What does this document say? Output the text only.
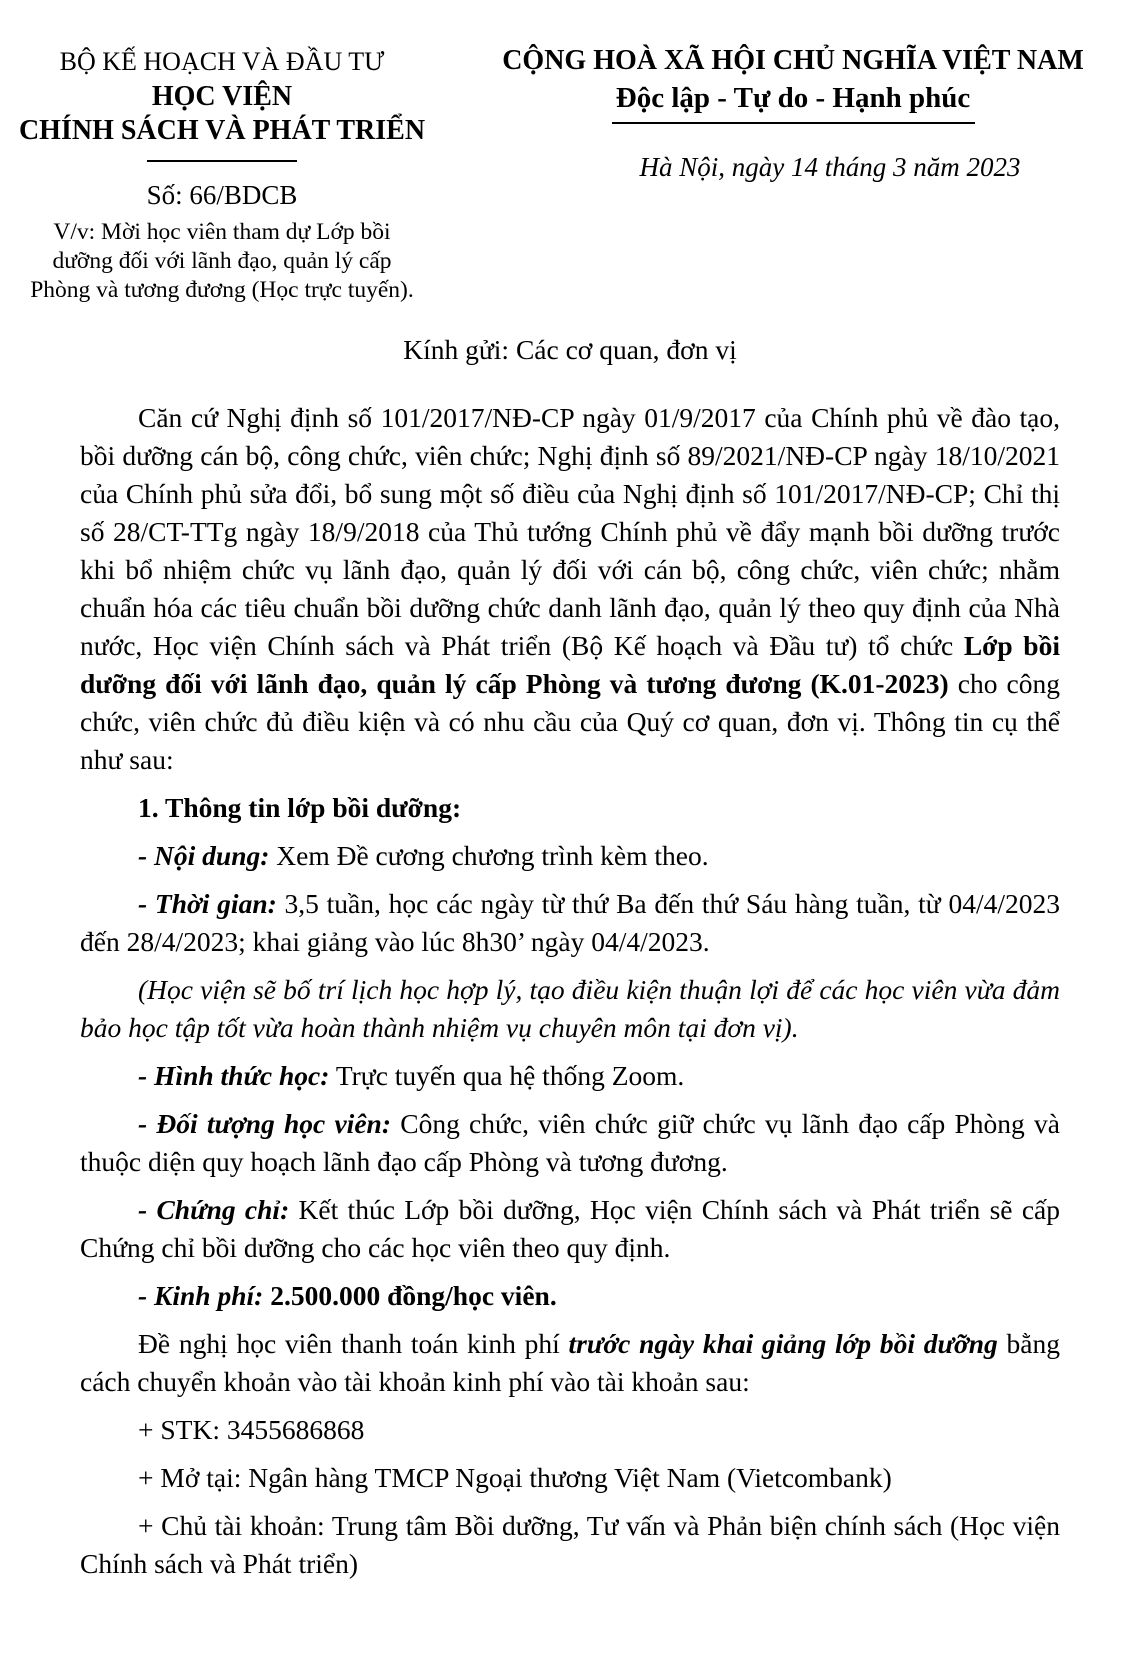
BỘ KẾ HOẠCH VÀ ĐẦU TƯ
HỌC VIỆN
CHÍNH SÁCH VÀ PHÁT TRIỂN
Số: 66/BDCB
V/v: Mời học viên tham dự Lớp bồi dưỡng đối với lãnh đạo, quản lý cấp Phòng và tương đương (Học trực tuyến).
CỘNG HOÀ XÃ HỘI CHỦ NGHĨA VIỆT NAM
Độc lập - Tự do - Hạnh phúc
Hà Nội, ngày 14 tháng 3 năm 2023
Kính gửi: Các cơ quan, đơn vị

Căn cứ Nghị định số 101/2017/NĐ-CP ngày 01/9/2017 của Chính phủ về đào tạo, bồi dưỡng cán bộ, công chức, viên chức; Nghị định số 89/2021/NĐ-CP ngày 18/10/2021 của Chính phủ sửa đổi, bổ sung một số điều của Nghị định số 101/2017/NĐ-CP; Chỉ thị số 28/CT-TTg ngày 18/9/2018 của Thủ tướng Chính phủ về đẩy mạnh bồi dưỡng trước khi bổ nhiệm chức vụ lãnh đạo, quản lý đối với cán bộ, công chức, viên chức; nhằm chuẩn hóa các tiêu chuẩn bồi dưỡng chức danh lãnh đạo, quản lý theo quy định của Nhà nước, Học viện Chính sách và Phát triển (Bộ Kế hoạch và Đầu tư) tổ chức Lớp bồi dưỡng đối với lãnh đạo, quản lý cấp Phòng và tương đương (K.01-2023) cho công chức, viên chức đủ điều kiện và có nhu cầu của Quý cơ quan, đơn vị. Thông tin cụ thể như sau:

1. Thông tin lớp bồi dưỡng:

- Nội dung: Xem Đề cương chương trình kèm theo.

- Thời gian: 3,5 tuần, học các ngày từ thứ Ba đến thứ Sáu hàng tuần, từ 04/4/2023 đến 28/4/2023; khai giảng vào lúc 8h30’ ngày 04/4/2023.

(Học viện sẽ bố trí lịch học hợp lý, tạo điều kiện thuận lợi để các học viên vừa đảm bảo học tập tốt vừa hoàn thành nhiệm vụ chuyên môn tại đơn vị).

- Hình thức học: Trực tuyến qua hệ thống Zoom.

- Đối tượng học viên: Công chức, viên chức giữ chức vụ lãnh đạo cấp Phòng và thuộc diện quy hoạch lãnh đạo cấp Phòng và tương đương.

- Chứng chỉ: Kết thúc Lớp bồi dưỡng, Học viện Chính sách và Phát triển sẽ cấp Chứng chỉ bồi dưỡng cho các học viên theo quy định.

- Kinh phí: 2.500.000 đồng/học viên.

Đề nghị học viên thanh toán kinh phí trước ngày khai giảng lớp bồi dưỡng bằng cách chuyển khoản vào tài khoản kinh phí vào tài khoản sau:

+ STK: 3455686868

+ Mở tại: Ngân hàng TMCP Ngoại thương Việt Nam (Vietcombank)

+ Chủ tài khoản: Trung tâm Bồi dưỡng, Tư vấn và Phản biện chính sách (Học viện Chính sách và Phát triển)
